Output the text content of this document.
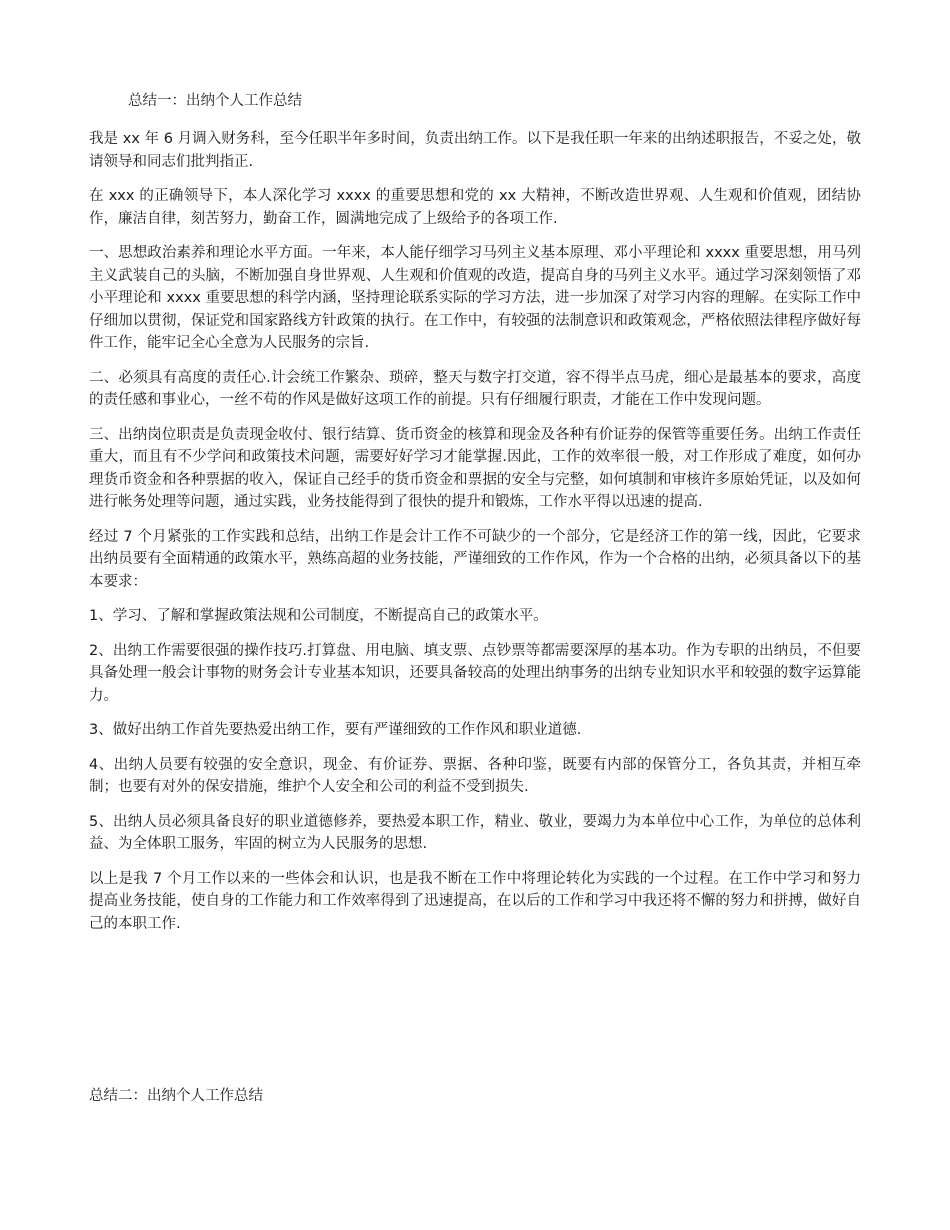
总结一：出纳个人工作总结

我是 xx 年 6 月调入财务科，至今任职半年多时间，负责出纳工作。以下是我任职一年来的出纳述职报告，不妥之处，敬请领导和同志们批判指正.

在 xxx 的正确领导下，本人深化学习 xxxx 的重要思想和党的 xx 大精神，不断改造世界观、人生观和价值观，团结协作，廉洁自律，刻苦努力，勤奋工作，圆满地完成了上级给予的各项工作.

一、思想政治素养和理论水平方面。一年来，本人能仔细学习马列主义基本原理、邓小平理论和 xxxx 重要思想，用马列主义武装自己的头脑，不断加强自身世界观、人生观和价值观的改造，提高自身的马列主义水平。通过学习深刻领悟了邓小平理论和 xxxx 重要思想的科学内涵，坚持理论联系实际的学习方法，进一步加深了对学习内容的理解。在实际工作中仔细加以贯彻，保证党和国家路线方针政策的执行。在工作中，有较强的法制意识和政策观念，严格依照法律程序做好每件工作，能牢记全心全意为人民服务的宗旨.

二、必须具有高度的责任心.计会统工作繁杂、琐碎，整天与数字打交道，容不得半点马虎，细心是最基本的要求，高度的责任感和事业心，一丝不苟的作风是做好这项工作的前提。只有仔细履行职责，才能在工作中发现问题。

三、出纳岗位职责是负责现金收付、银行结算、货币资金的核算和现金及各种有价证券的保管等重要任务。出纳工作责任重大，而且有不少学问和政策技术问题，需要好好学习才能掌握.因此，工作的效率很一般，对工作形成了难度，如何办理货币资金和各种票据的收入，保证自己经手的货币资金和票据的安全与完整，如何填制和审核许多原始凭证，以及如何进行帐务处理等问题，通过实践，业务技能得到了很快的提升和锻炼，工作水平得以迅速的提高.

经过 7 个月紧张的工作实践和总结，出纳工作是会计工作不可缺少的一个部分，它是经济工作的第一线，因此，它要求出纳员要有全面精通的政策水平，熟练高超的业务技能，严谨细致的工作作风，作为一个合格的出纳，必须具备以下的基本要求：

1、学习、了解和掌握政策法规和公司制度，不断提高自己的政策水平。

2、出纳工作需要很强的操作技巧.打算盘、用电脑、填支票、点钞票等都需要深厚的基本功。作为专职的出纳员，不但要具备处理一般会计事物的财务会计专业基本知识，还要具备较高的处理出纳事务的出纳专业知识水平和较强的数字运算能力。

3、做好出纳工作首先要热爱出纳工作，要有严谨细致的工作作风和职业道德.

4、出纳人员要有较强的安全意识，现金、有价证券、票据、各种印鉴，既要有内部的保管分工，各负其责，并相互牵制；也要有对外的保安措施，维护个人安全和公司的利益不受到损失.

5、出纳人员必须具备良好的职业道德修养，要热爱本职工作，精业、敬业，要竭力为本单位中心工作，为单位的总体利益、为全体职工服务，牢固的树立为人民服务的思想.

以上是我 7 个月工作以来的一些体会和认识，也是我不断在工作中将理论转化为实践的一个过程。在工作中学习和努力提高业务技能，使自身的工作能力和工作效率得到了迅速提高，在以后的工作和学习中我还将不懈的努力和拼搏，做好自己的本职工作.

总结二：出纳个人工作总结
